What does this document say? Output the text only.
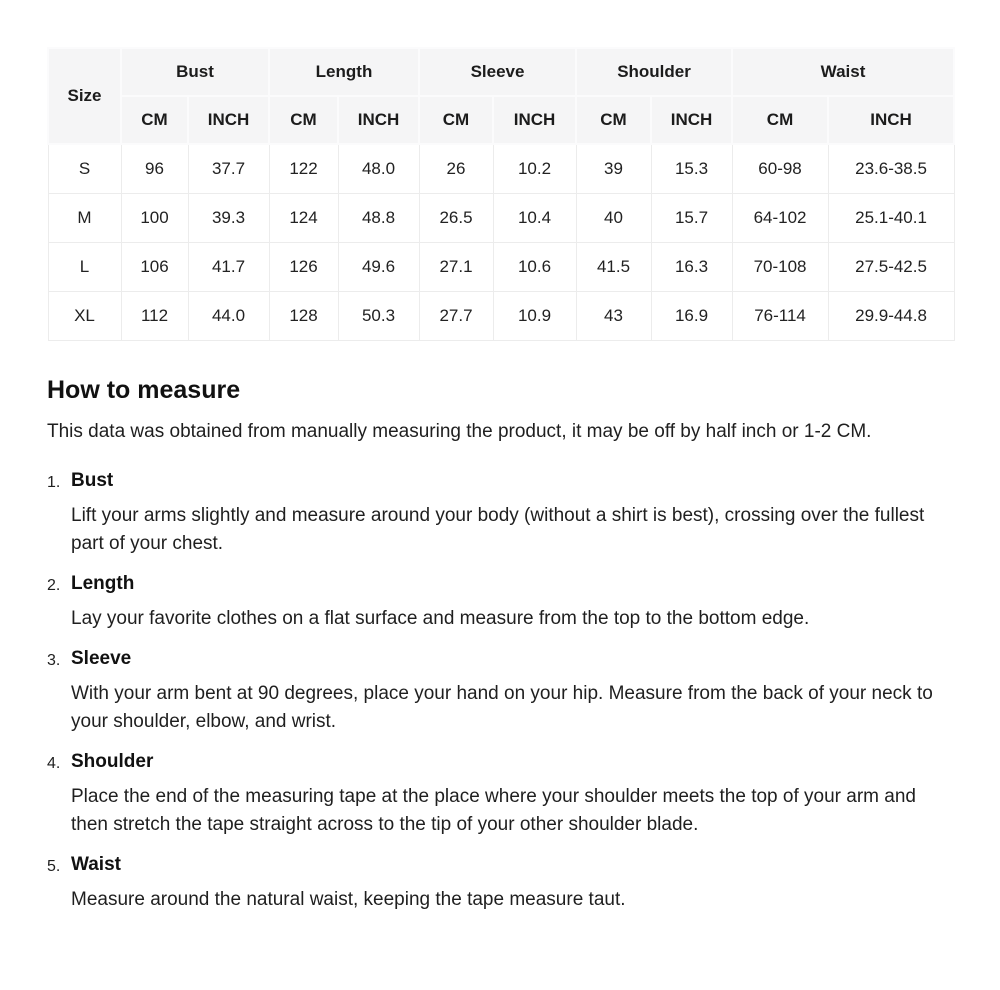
Size	Bust		Length		Sleeve		Shoulder		Waist	
	CM	INCH	CM	INCH	CM	INCH	CM	INCH	CM	INCH
S	96	37.7	122	48.0	26	10.2	39	15.3	60-98	23.6-38.5
M	100	39.3	124	48.8	26.5	10.4	40	15.7	64-102	25.1-40.1
L	106	41.7	126	49.6	27.1	10.6	41.5	16.3	70-108	27.5-42.5
XL	112	44.0	128	50.3	27.7	10.9	43	16.9	76-114	29.9-44.8
How to measure

This data was obtained from manually measuring the product, it may be off by half inch or 1-2 CM.

1. Bust

Lift your arms slightly and measure around your body (without a shirt is best), crossing over the fullest part of your chest.

2. Length

Lay your favorite clothes on a flat surface and measure from the top to the bottom edge.

3. Sleeve

With your arm bent at 90 degrees, place your hand on your hip. Measure from the back of your neck to your shoulder, elbow, and wrist.

4. Shoulder

Place the end of the measuring tape at the place where your shoulder meets the top of your arm and then stretch the tape straight across to the tip of your other shoulder blade.

5. Waist

Measure around the natural waist, keeping the tape measure taut.
